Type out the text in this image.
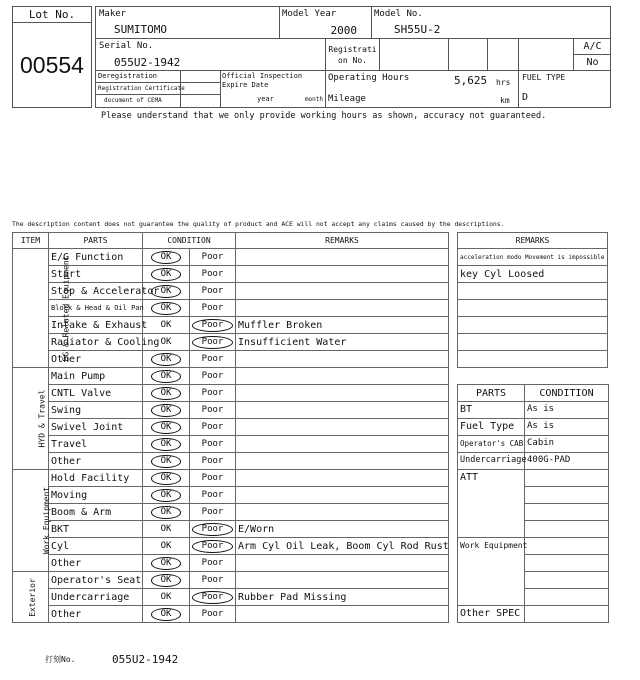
Lot No.
00554
Maker
SUMITOMO
Model Year
2000
Model No.
SH55U-2
Serial No.
055U2-1942
Registrati
on No.
A/C
No
Deregistration
Registration Certificate
document of CEMA
Official Inspection
Expire Date
year	month
Operating Hours	5,625 hrs
Mileage	km
FUEL TYPE
D
Please understand that we only provide working hours as shown, accuracy not guaranteed.
The description content does not guarantee the quality of product and ACE will not accept any claims caused by the descriptions.
ITEM	PARTS	CONDITION		REMARKS
EG & Related Equipment	E/G Function	OK	Poor	
	Start	OK	Poor	
	Stop & Accelerator	OK	Poor	
	Block & Head & Oil Pan	OK	Poor	
	Intake & Exhaust	OK	Poor	Muffler Broken
	Radiator & Cooling	OK	Poor	Insufficient Water
	Other	OK	Poor	
HYD & Travel	Main Pump	OK	Poor	
	CNTL Valve	OK	Poor	
	Swing	OK	Poor	
	Swivel Joint	OK	Poor	
	Travel	OK	Poor	
	Other	OK	Poor	
Work Equipment	Hold Facility	OK	Poor	
	Moving	OK	Poor	
	Boom & Arm	OK	Poor	
	BKT	OK	Poor	E/Worn
	Cyl	OK	Poor	Arm Cyl Oil Leak, Boom Cyl Rod Rust
	Other	OK	Poor	
Exterior	Operator's Seat	OK	Poor	
	Undercarriage	OK	Poor	Rubber Pad Missing
	Other	OK	Poor	
REMARKS
acceleration modo Movement is impossible
key Cyl Loosed

PARTS	CONDITION
BT	As is
Fuel Type	As is
Operator's CAB	Cabin
Undercarriage	400G-PAD
ATT	

Work Equipment	

Other SPEC	
打刻No.	055U2-1942
